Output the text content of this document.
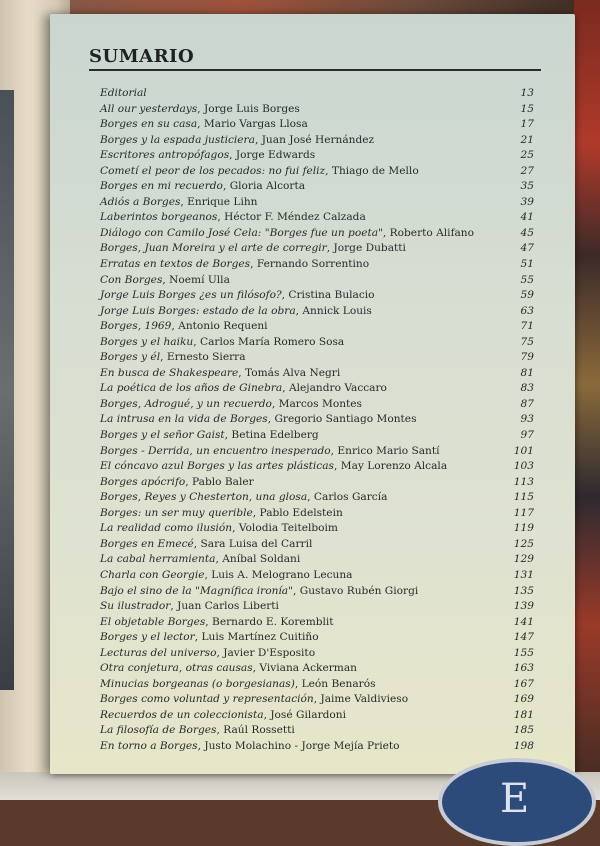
SUMARIO
Editorial	13
All our yesterdays, Jorge Luis Borges	15
Borges en su casa, Mario Vargas Llosa	17
Borges y la espada justiciera, Juan José Hernández	21
Escritores antropófagos, Jorge Edwards	25
Cometí el peor de los pecados: no fui feliz, Thiago de Mello	27
Borges en mi recuerdo, Gloria Alcorta	35
Adiós a Borges, Enrique Lihn	39
Laberintos borgeanos, Héctor F. Méndez Calzada	41
Diálogo con Camilo José Cela: "Borges fue un poeta", Roberto Alifano	45
Borges, Juan Moreira y el arte de corregir, Jorge Dubatti	47
Erratas en textos de Borges, Fernando Sorrentino	51
Con Borges, Noemí Ulla	55
Jorge Luis Borges ¿es un filósofo?, Cristina Bulacio	59
Jorge Luis Borges: estado de la obra, Annick Louis	63
Borges, 1969, Antonio Requeni	71
Borges y el haiku, Carlos María Romero Sosa	75
Borges y él, Ernesto Sierra	79
En busca de Shakespeare, Tomás Alva Negri	81
La poética de los años de Ginebra, Alejandro Vaccaro	83
Borges, Adrogué, y un recuerdo, Marcos Montes	87
La intrusa en la vida de Borges, Gregorio Santiago Montes	93
Borges y el señor Gaist, Betina Edelberg	97
Borges - Derrida, un encuentro inesperado, Enrico Mario Santí	101
El cóncavo azul Borges y las artes plásticas, May Lorenzo Alcala	103
Borges apócrifo, Pablo Baler	113
Borges, Reyes y Chesterton, una glosa, Carlos García	115
Borges: un ser muy querible, Pablo Edelstein	117
La realidad como ilusión, Volodia Teitelboim	119
Borges en Emecé, Sara Luisa del Carril	125
La cabal herramienta, Aníbal Soldani	129
Charla con Georgie, Luis A. Melograno Lecuna	131
Bajo el sino de la "Magnífica ironía", Gustavo Rubén Giorgi	135
Su ilustrador, Juan Carlos Liberti	139
El objetable Borges, Bernardo E. Koremblit	141
Borges y el lector, Luis Martínez Cuitiño	147
Lecturas del universo, Javier D'Esposito	155
Otra conjetura, otras causas, Viviana Ackerman	163
Minucias borgeanas (o borgesianas), León Benarós	167
Borges como voluntad y representación, Jaime Valdivieso	169
Recuerdos de un coleccionista, José Gilardoni	181
La filosofía de Borges, Raúl Rossetti	185
En torno a Borges, Justo Molachino - Jorge Mejía Prieto	198
E
